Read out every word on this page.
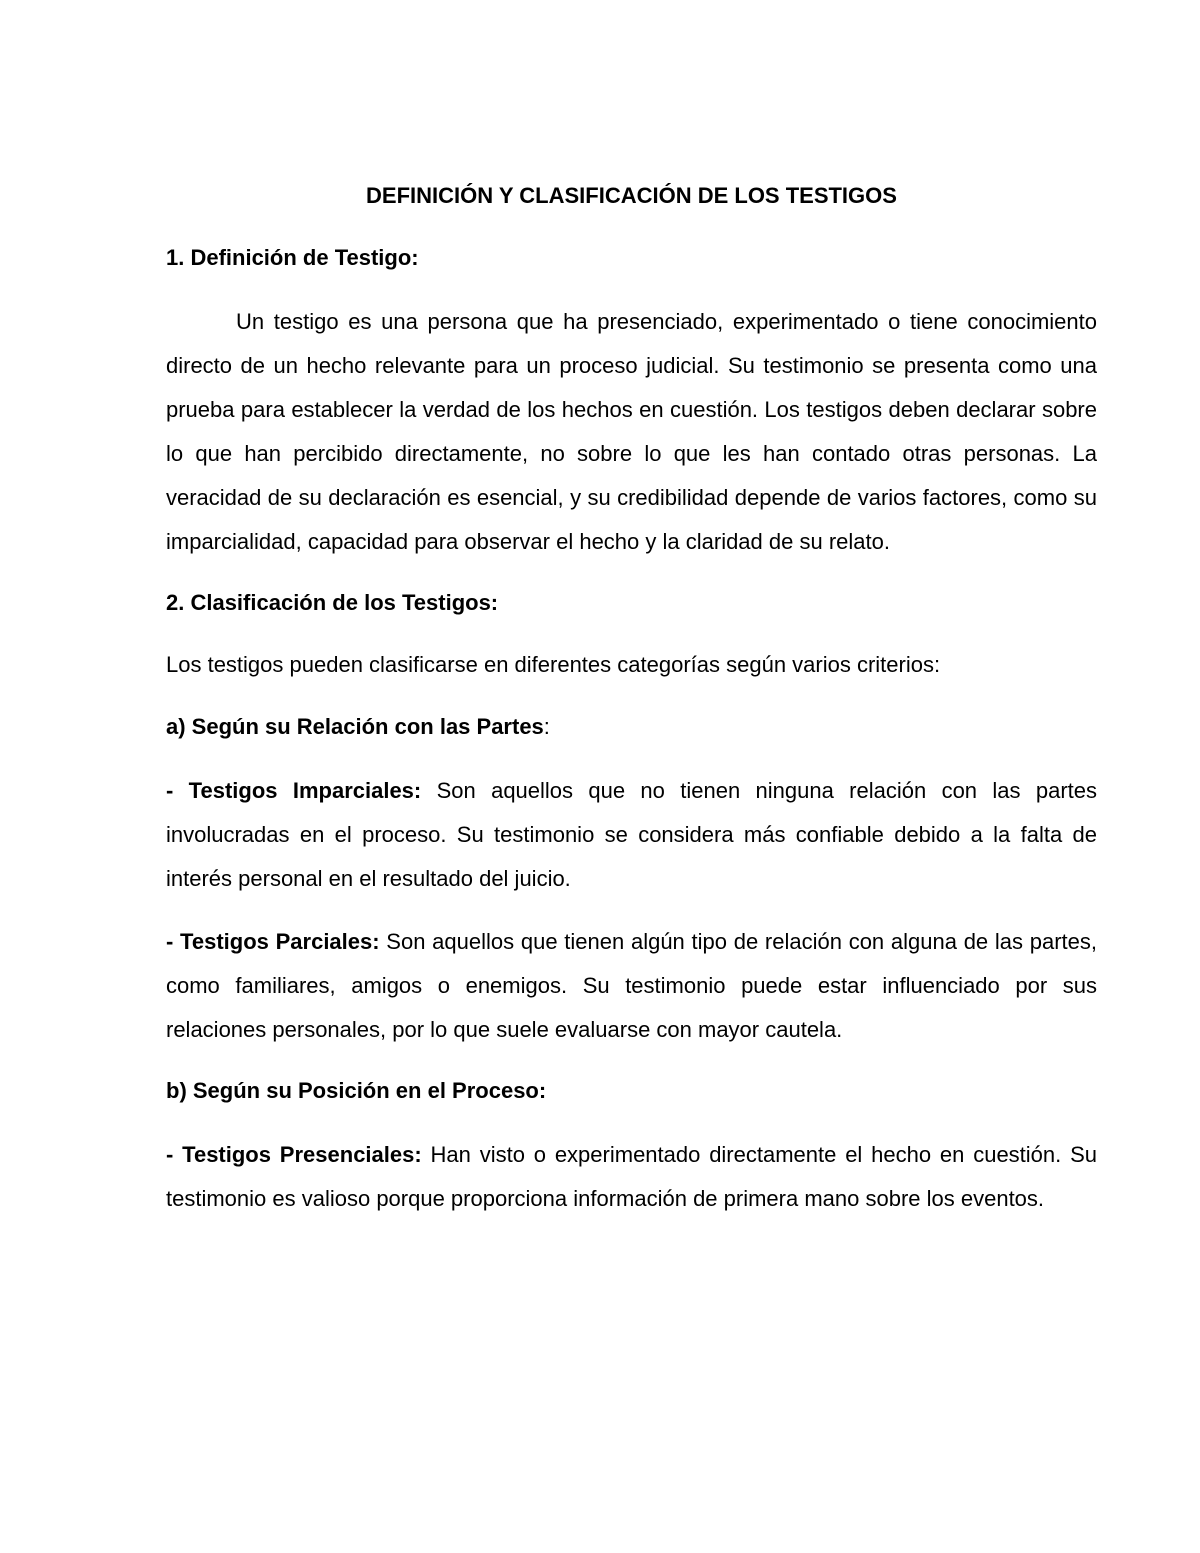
DEFINICIÓN Y CLASIFICACIÓN DE LOS TESTIGOS
1. Definición de Testigo:

Un testigo es una persona que ha presenciado, experimentado o tiene conocimiento directo de un hecho relevante para un proceso judicial. Su testimonio se presenta como una prueba para establecer la verdad de los hechos en cuestión. Los testigos deben declarar sobre lo que han percibido directamente, no sobre lo que les han contado otras personas. La veracidad de su declaración es esencial, y su credibilidad depende de varios factores, como su imparcialidad, capacidad para observar el hecho y la claridad de su relato.

2. Clasificación de los Testigos:
Los testigos pueden clasificarse en diferentes categorías según varios criterios:
a) Según su Relación con las Partes:

- Testigos Imparciales: Son aquellos que no tienen ninguna relación con las partes involucradas en el proceso. Su testimonio se considera más confiable debido a la falta de interés personal en el resultado del juicio.

- Testigos Parciales: Son aquellos que tienen algún tipo de relación con alguna de las partes, como familiares, amigos o enemigos. Su testimonio puede estar influenciado por sus relaciones personales, por lo que suele evaluarse con mayor cautela.

b) Según su Posición en el Proceso:

- Testigos Presenciales: Han visto o experimentado directamente el hecho en cuestión. Su testimonio es valioso porque proporciona información de primera mano sobre los eventos.
